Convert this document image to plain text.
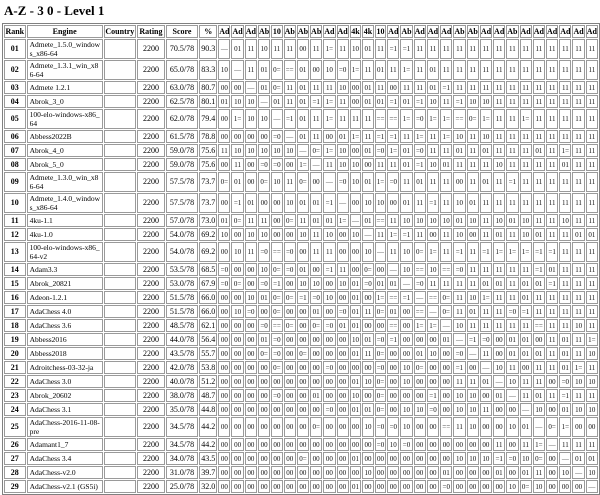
A-Z - 3 0 - Level 1
Rank	Engine	Country	Rating	Score	%	Ad	Ad	Ad	Ab	10	Ab	Ab	Ab	Ad	Ad	4k	4k	10	Ad	Ab	Ad	Ad	Ad	Ab	Ab	Ad	Ad	Ab	Ad	Ad	Ad	Ad	Ad	Ad
01	Admete_1.5.0_windows_x86-64		2200	70.5/78	90.3	—	01	11	10	11	11	00	11	1=	11	10	01	11	=1	=1	11	11	11	11	11	11	11	11	11	11	11	11	11	11
02	Admete_1.3.1_win_x86-64		2200	65.0/78	83.3	10	—	11	01	0=	==	01	00	10	=0	1=	11	01	11	1=	11	01	11	11	11	11	11	11	11	11	11	11	11	11
03	Admete 1.2.1		2200	63.0/78	80.7	00	00	—	01	0=	11	01	11	11	10	00	01	11	00	11	11	01	=1	11	11	11	11	11	11	11	11	11	11	11
04	Abrok_3_0		2200	62.5/78	80.1	01	10	10	—	01	11	01	=1	1=	11	00	01	01	=1	01	=1	10	11	=1	10	10	11	11	11	11	11	11	11	11
05	100-elo-windows-x86_64		2200	62.0/78	79.4	00	1=	10	10	—	=1	01	11	1=	11	11	11	==	==	1=	=0	1=	1=	==	0=	1=	11	11	1=	11	11	11	11	11
06	Abbess2022B		2200	61.5/78	78.8	00	00	00	00	=0	—	01	11	00	01	1=	11	=1	=1	11	1=	11	1=	10	11	10	11	11	11	11	11	11	11	11
07	Abrok_4_0		2200	59.0/78	75.6	11	10	10	10	10	10	—	0=	1=	10	00	01	=0	1=	01	=0	11	11	01	11	01	11	11	11	01	11	1=	11	11
08	Abrok_5_0		2200	59.0/78	75.6	00	11	00	=0	=0	00	1=	—	11	10	10	00	11	11	01	=1	10	01	11	11	11	10	11	11	11	11	01	11	11
09	Admete_1.3.0_win_x86-64		2200	57.5/78	73.7	0=	01	00	0=	10	11	0=	00	—	=0	10	01	1=	=0	11	01	11	11	00	11	01	11	=1	11	11	11	11	11	11
10	Admete_1.4.0_windows_x86-64		2200	57.5/78	73.7	00	=1	01	00	00	10	01	01	=1	—	00	10	10	00	01	11	=1	11	10	01	11	11	11	11	11	11	11	11	11
11	4ku-1.1		2200	57.0/78	73.0	01	0=	11	11	00	0=	11	01	01	1=	—	01	==	11	10	10	10	10	01	10	11	10	01	10	11	11	10	11	11
12	4ku-1.0		2200	54.0/78	69.2	10	00	10	10	00	00	10	11	10	00	10	—	11	1=	=1	11	00	11	10	00	11	01	11	10	01	11	11	01	01
13	100-elo-windows-x86_64-v2		2200	54.0/78	69.2	00	10	11	=0	==	=0	00	11	11	00	00	10	—	11	10	0=	1=	11	=1	11	=1	1=	1=	1=	=1	=1	11	11	11
14	Adam3.3		2200	53.5/78	68.5	=0	00	00	10	0=	=0	01	00	=1	11	00	0=	00	—	10	==	10	==	=0	11	11	11	11	11	=1	01	11	11	11
15	Abrok_20821		2200	53.0/78	67.9	=0	0=	00	=0	=1	00	10	10	00	10	01	=0	01	01	—	=0	11	11	11	11	01	01	11	01	01	=1	11	11	11
16	Adeon-1.2.1		2200	51.5/78	66.0	00	00	10	01	0=	0=	=1	=0	10	00	01	00	1=	==	=1	—	==	0=	11	10	1=	11	11	01	11	11	11	11	11
17	AdaChess 4.0		2200	51.5/78	66.0	00	10	=0	00	0=	00	00	01	00	=0	01	11	0=	01	00	==	—	0=	11	01	11	11	=0	=1	11	11	11	11	11
18	AdaChess 3.6		2200	48.5/78	62.1	00	00	00	=0	==	0=	00	0=	=0	01	01	00	00	==	00	1=	1=	—	10	11	11	11	11	11	==	11	11	10	11
19	Abbess2016		2200	44.0/78	56.4	00	00	00	01	=0	00	00	00	00	00	10	01	=0	=1	00	00	00	01	—	=1	=0	00	01	01	00	11	01	11	1=
20	Abbess2018		2200	43.5/78	55.7	00	00	00	0=	=0	00	0=	00	00	00	01	11	0=	00	00	01	10	00	=0	—	11	00	01	01	01	11	01	11	10
21	Adroitchess-03-32-ja		2200	42.0/78	53.8	00	00	00	00	0=	00	00	00	=0	00	00	00	=0	00	10	0=	00	00	=1	00	—	10	11	00	11	11	01	1=	11
22	AdaChess 3.0		2200	40.0/78	51.2	00	00	00	00	00	00	00	00	00	00	01	10	0=	00	10	00	00	00	11	11	01	—	10	11	11	00	=0	10	10
23	Abrok_20602		2200	38.0/78	48.7	00	00	00	00	=0	00	00	01	00	00	10	00	0=	00	00	00	=1	00	10	10	00	01	—	11	01	11	=1	11	11
24	AdaChess 3.1		2200	35.0/78	44.8	00	00	00	00	00	00	00	00	=0	00	01	01	0=	00	10	10	=0	00	10	10	11	00	00	—	10	00	01	10	10
25	AdaChess-2016-11-08-pre		2200	34.5/78	44.2	00	00	00	00	00	00	00	0=	00	00	00	10	=0	=0	10	00	00	==	11	10	00	00	10	01	—	0=	1=	00	00
26	Adamant1_7		2200	34.5/78	44.2	00	00	00	00	00	00	00	00	00	00	00	00	=0	10	=0	00	00	00	00	00	00	11	00	11	1=	—	11	11	11
27	AdaChess 3.4		2200	34.0/78	43.5	00	00	00	00	00	00	0=	00	00	00	01	00	00	00	00	00	00	00	10	10	10	=1	=0	10	0=	00	—	01	01
28	AdaChess-v2.0		2200	31.0/78	39.7	00	00	00	00	00	00	00	00	00	00	00	10	00	00	00	00	00	01	00	00	00	01	00	01	11	00	10	—	10
29	AdaChess-v2.1 (GS5i)		2200	25.0/78	32.0	00	00	00	00	00	00	00	00	00	00	01	00	00	00	00	00	00	=0	00	00	00	00	10	0=	10	00	00	00	—
